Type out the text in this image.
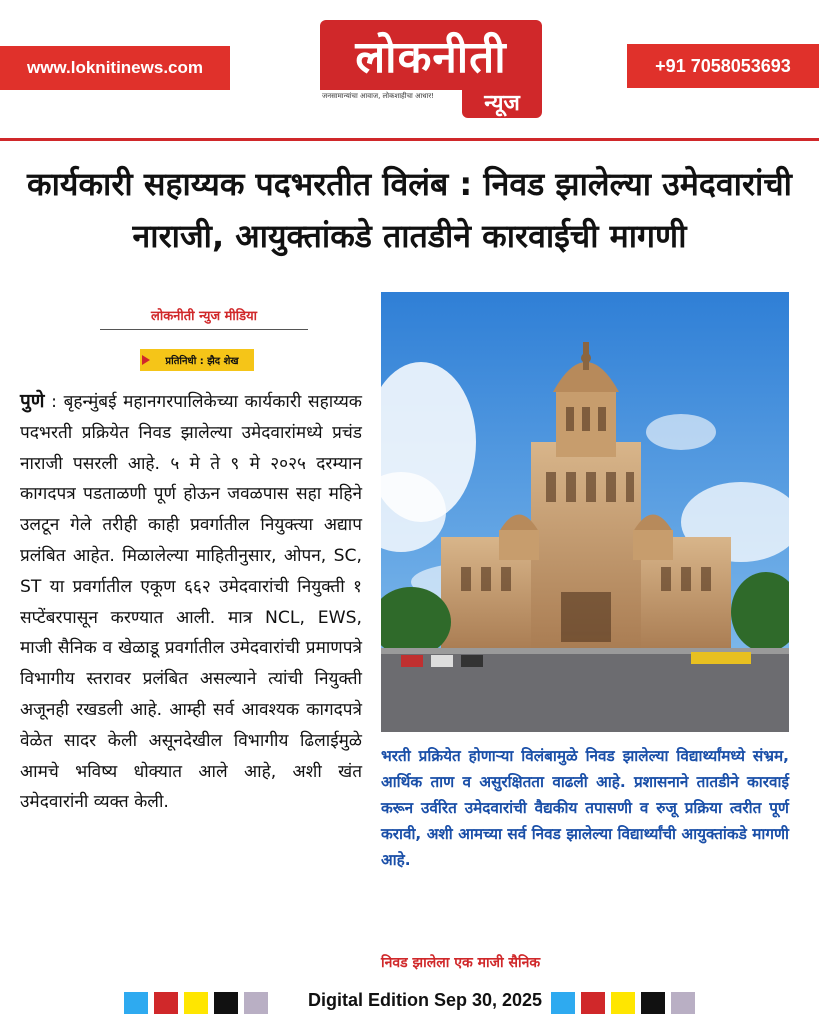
www.loknitinews.com	+91 7058053693
लोकनीती
जनसामान्यांचा आवाज, लोकशाहीचा आधार!	न्यूज
कार्यकारी सहाय्यक पदभरतीत विलंब : निवड झालेल्या उमेदवारांची नाराजी, आयुक्तांकडे तातडीने कारवाईची मागणी
लोकनीती न्युज मीडिया
प्रतिनिधी : झैद शेख
पुणे : बृहन्मुंबई महानगरपालिकेच्या कार्यकारी सहाय्यक पदभरती प्रक्रियेत निवड झालेल्या उमेदवारांमध्ये प्रचंड नाराजी पसरली आहे. ५ मे ते ९ मे २०२५ दरम्यान कागदपत्र पडताळणी पूर्ण होऊन जवळपास सहा महिने उलटून गेले तरीही काही प्रवर्गातील नियुक्त्या अद्याप प्रलंबित आहेत. मिळालेल्या माहितीनुसार, ओपन, SC, ST या प्रवर्गातील एकूण ६६२ उमेदवारांची नियुक्ती १ सप्टेंबरपासून करण्यात आली. मात्र NCL, EWS, माजी सैनिक व खेळाडू प्रवर्गातील उमेदवारांची प्रमाणपत्रे विभागीय स्तरावर प्रलंबित असल्याने त्यांची नियुक्ती अजूनही रखडली आहे. आम्ही सर्व आवश्यक कागदपत्रे वेळेत सादर केली असूनदेखील विभागीय ढिलाईमुळे आमचे भविष्य धोक्यात आले आहे, अशी खंत उमेदवारांनी व्यक्त केली.
भरती प्रक्रियेत होणाऱ्या विलंबामुळे निवड झालेल्या विद्यार्थ्यांमध्ये संभ्रम, आर्थिक ताण व असुरक्षितता वाढली आहे. प्रशासनाने तातडीने कारवाई करून उर्वरित उमेदवारांची वैद्यकीय तपासणी व रुजू प्रक्रिया त्वरीत पूर्ण करावी, अशी आमच्या सर्व निवड झालेल्या विद्यार्थ्यांची आयुक्तांकडे मागणी आहे.
निवड झालेला एक माजी सैनिक
Digital Edition Sep 30, 2025
